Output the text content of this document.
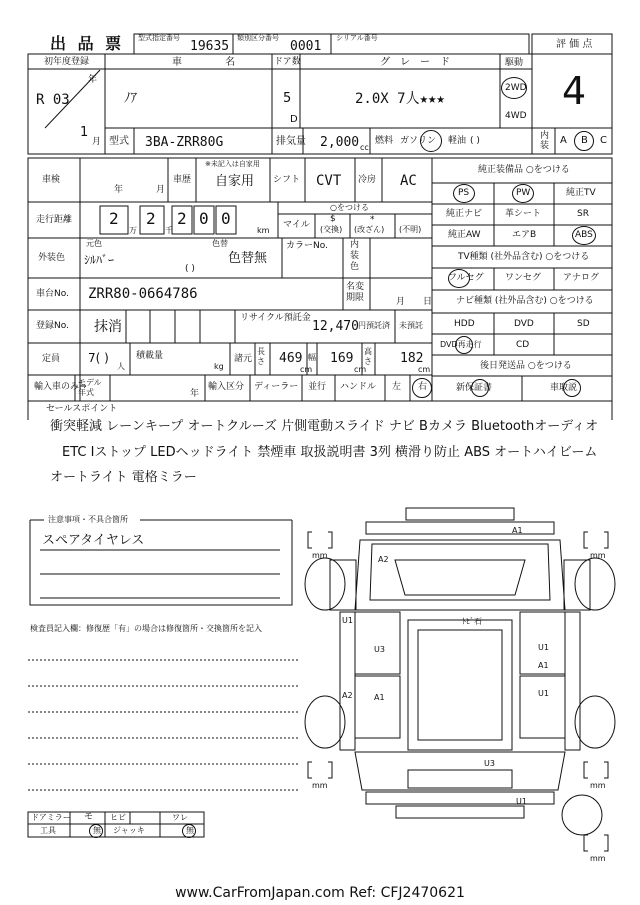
出 品 票 型式指定番号
19635
類別区分番号
0001
シリアル番号
評 価 点
4
内装 A B C
初年度登録
R 03
年
1
月
車 名
ﾉｱ
ドア数
5
D
グレード
2.0X 7人★★★
駆動
2WD
4WD
型式 3BA-ZRR80G	排気量 2,000 cc
燃料 ガソリン 軽油 ( )
車検
年	月
※未記入は自家用
車歴 自家用 シフト CVT 冷房 AC
走行距離 2
万
2
千
2 0 0
km
○をつける
マイル
$
(交換)
*
(改ざん) (不明)
外装色
元色
ｼﾙﾊﾞｰ
色替
色替無
( )
カラーNo. 内装色
車台No. ZRR80-0664786	名変期限	月 日
登録No. 抹消
リサイクル預託金
12,470 円預託済 未預託
定員 7( )
人
積載量
kg
諸元
長さ 469
cm
幅 169
cm
高さ 182
cm
輸入車のみ⇒
モデル年式	年
輸入区分 ディーラー 並行 ハンドル 左 右
純正装備品 ○をつける
PS	PW	純正TV
純正ナビ	革シート	SR
純正AW	エアB	ABS
TV種類 (社外品含む) ○をつける
フルセグ ワンセグ アナログ
ナビ種類 (社外品含む) ○をつける
HDD	DVD	SD
DVD再走行	CD
後日発送品 ○をつける
新保証書	車取説
セールスポイント
衝突軽減 レーンキープ オートクルーズ 片側電動スライド ナビ Bカメラ Bluetoothオーディオ
ETC Iストップ LEDヘッドライト 禁煙車 取扱説明書 3列 横滑り防止 ABS オートハイビーム
オートライト 電格ミラー
注意事項・不具合箇所
スペアタイヤレス
検査員記入欄：修復歴「有」の場合は修復箇所・交換箇所を記入
ドアミラー モ ヒビ	ワレ
工具	無 ジャッキ	無
mm	mm
mm	mm
mm
A1
A2
U1	ﾄﾋﾞ石
U3	U1
A1
A2	A1	U1
U3
U1
www.CarFromJapan.com Ref: CFJ2470621
